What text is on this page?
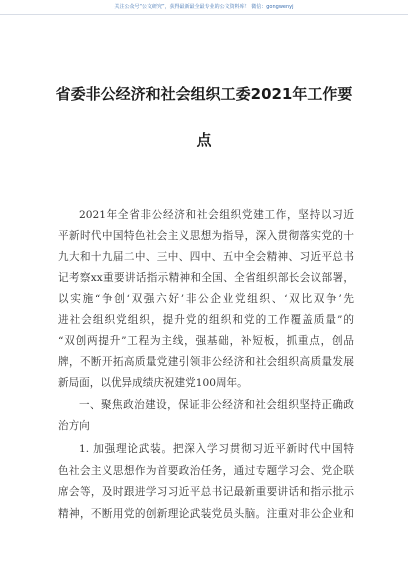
关注公众号“公文研究”，获得最新最全最专业的公文资料库！ 微信：gongwenyj
省委非公经济和社会组织工委2021年工作要
点
2021年全省非公经济和社会组织党建工作，坚持以习近
平新时代中国特色社会主义思想为指导，深入贯彻落实党的十
九大和十九届二中、三中、四中、五中全会精神、习近平总书
记考察xx重要讲话指示精神和全国、全省组织部长会议部署，
以实施“争创‘双强六好’非公企业党组织、‘双比双争’先
进社会组织党组织，提升党的组织和党的工作覆盖质量”的
“双创两提升”工程为主线，强基础，补短板，抓重点，创品
牌，不断开拓高质量党建引领非公经济和社会组织高质量发展
新局面，以优异成绩庆祝建党100周年。
一、聚焦政治建设，保证非公经济和社会组织坚持正确政
治方向
1. 加强理论武装。把深入学习贯彻习近平新时代中国特
色社会主义思想作为首要政治任务，通过专题学习会、党企联
席会等，及时跟进学习习近平总书记最新重要讲话和指示批示
精神，不断用党的创新理论武装党员头脑。注重对非公企业和
